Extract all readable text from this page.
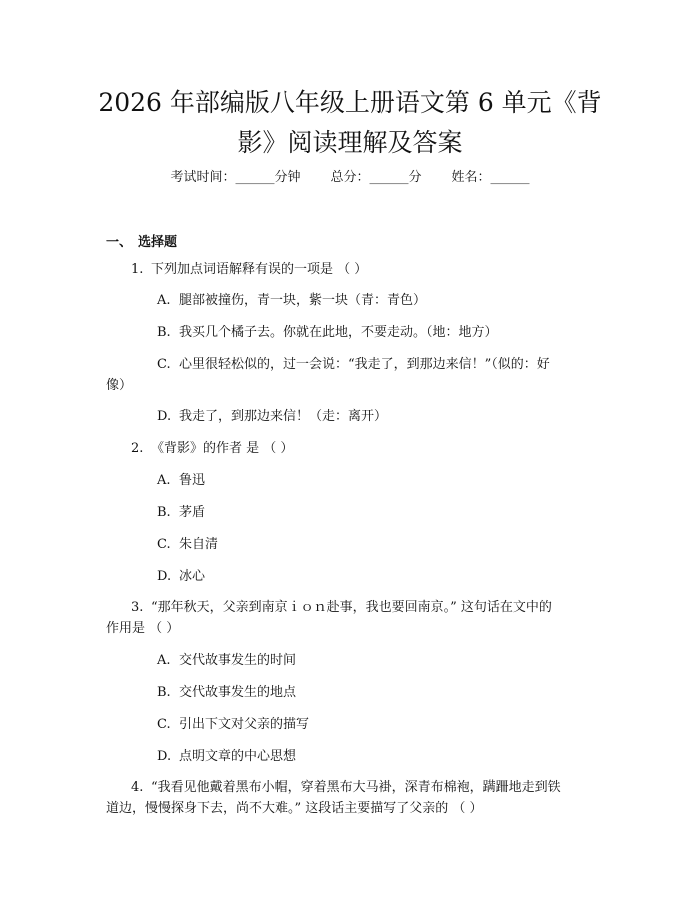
2026 年部编版八年级上册语文第 6 单元《背
影》阅读理解及答案
考试时间：______分钟 总分：______分 姓名：______
一、 选择题
1. 下列加点词语解释有误的一项是 （ ）
A. 腿部被撞伤，青一块，紫一块（青：青色）
B. 我买几个橘子去。你就在此地，不要走动。（地：地方）
C. 心里很轻松似的，过一会说：“我走了，到那边来信！”（似的：好
像）
D. 我走了，到那边来信！（走：离开）
2. 《背影》的作者 是 （ ）
A. 鲁迅
B. 茅盾
C. 朱自清
D. 冰心
3. “那年秋天，父亲到南京ｉｏｎ赴事，我也要回南京。” 这句话在文中的
作用是 （ ）
A. 交代故事发生的时间
B. 交代故事发生的地点
C. 引出下文对父亲的描写
D. 点明文章的中心思想
4. “我看见他戴着黑布小帽，穿着黑布大马褂，深青布棉袍，蹒跚地走到铁
道边，慢慢探身下去，尚不大难。” 这段话主要描写了父亲的 （ ）
